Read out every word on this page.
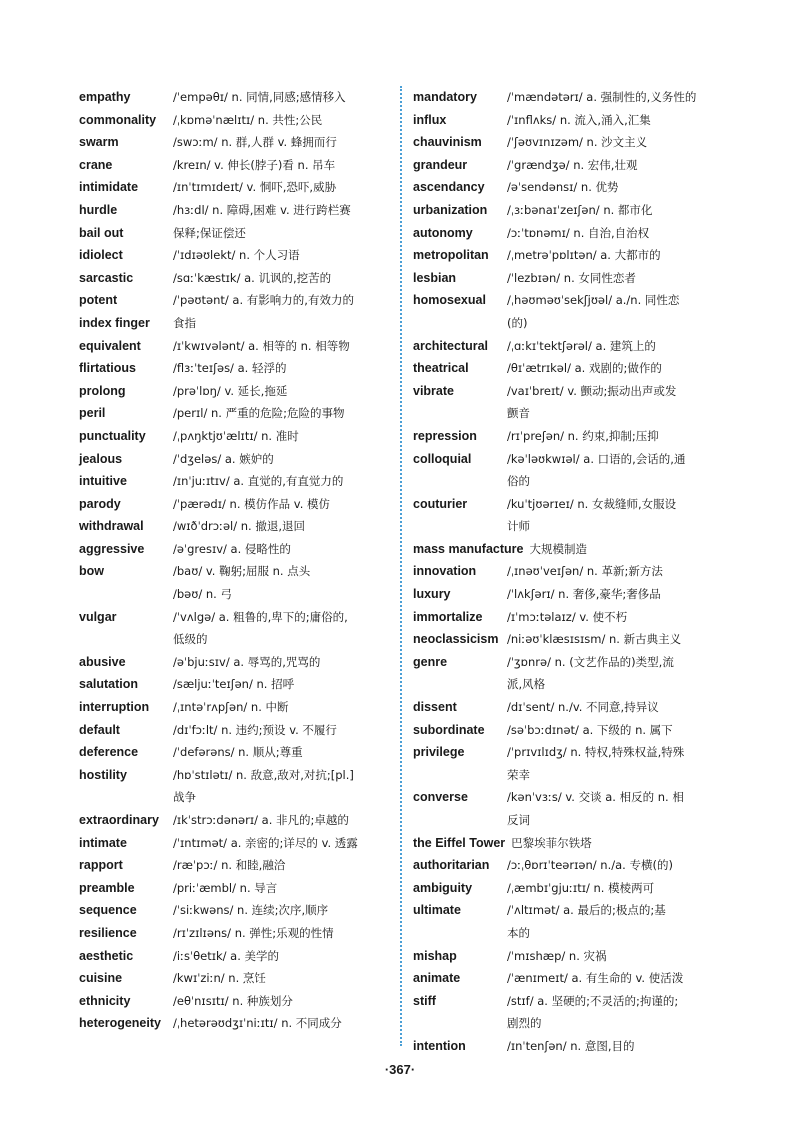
empathy	/ˈempəθɪ/ n. 同情,同感;感情移入
commonality	/ˌkɒməˈnælɪtɪ/ n. 共性;公民
swarm	/swɔːm/ n. 群,人群 v. 蜂拥而行
crane	/kreɪn/ v. 伸长(脖子)看 n. 吊车
intimidate	/ɪnˈtɪmɪdeɪt/ v. 恫吓,恐吓,威胁
hurdle	/hɜːdl/ n. 障碍,困难 v. 进行跨栏赛
bail out	保释;保证偿还
idiolect	/ˈɪdɪəʊlekt/ n. 个人习语
sarcastic	/sɑːˈkæstɪk/ a. 讥讽的,挖苦的
potent	/ˈpəʊtənt/ a. 有影响力的,有效力的
index finger	食指
equivalent	/ɪˈkwɪvələnt/ a. 相等的 n. 相等物
flirtatious	/flɜːˈteɪʃəs/ a. 轻浮的
prolong	/prəˈlɒŋ/ v. 延长,拖延
peril	/perɪl/ n. 严重的危险;危险的事物
punctuality	/ˌpʌŋktjʊˈælɪtɪ/ n. 准时
jealous	/ˈdʒeləs/ a. 嫉妒的
intuitive	/ɪnˈjuːɪtɪv/ a. 直觉的,有直觉力的
parody	/ˈpærədɪ/ n. 模仿作品 v. 模仿
withdrawal	/wɪðˈdrɔːəl/ n. 撤退,退回
aggressive	/əˈgresɪv/ a. 侵略性的
bow	/baʊ/ v. 鞠躬;屈服 n. 点头
/bəʊ/ n. 弓
vulgar	/ˈvʌlgə/ a. 粗鲁的,卑下的;庸俗的,
低级的
abusive	/əˈbjuːsɪv/ a. 辱骂的,咒骂的
salutation	/sæljuːˈteɪʃən/ n. 招呼
interruption	/ˌɪntəˈrʌpʃən/ n. 中断
default	/dɪˈfɔːlt/ n. 违约;预设 v. 不履行
deference	/ˈdefərəns/ n. 顺从;尊重
hostility	/hɒˈstɪlətɪ/ n. 敌意,敌对,对抗;[pl.]
战争
extraordinary	/ɪkˈstrɔːdənərɪ/ a. 非凡的;卓越的
intimate	/ˈɪntɪmət/ a. 亲密的;详尽的 v. 透露
rapport	/ræˈpɔː/ n. 和睦,融洽
preamble	/priːˈæmbl/ n. 导言
sequence	/ˈsiːkwəns/ n. 连续;次序,顺序
resilience	/rɪˈzɪlɪəns/ n. 弹性;乐观的性情
aesthetic	/iːsˈθetɪk/ a. 美学的
cuisine	/kwɪˈziːn/ n. 烹饪
ethnicity	/eθˈnɪsɪtɪ/ n. 种族划分
heterogeneity	/ˌhetərəʊdʒɪˈniːɪtɪ/ n. 不同成分
mandatory	/ˈmændətərɪ/ a. 强制性的,义务性的
influx	/ˈɪnflʌks/ n. 流入,涌入,汇集
chauvinism	/ˈʃəʊvɪnɪzəm/ n. 沙文主义
grandeur	/ˈgrændʒə/ n. 宏伟,壮观
ascendancy	/əˈsendənsɪ/ n. 优势
urbanization	/ˌɜːbənaɪˈzeɪʃən/ n. 都市化
autonomy	/ɔːˈtɒnəmɪ/ n. 自治,自治权
metropolitan	/ˌmetrəˈpɒlɪtən/ a. 大都市的
lesbian	/ˈlezbɪən/ n. 女同性恋者
homosexual	/ˌhəʊməʊˈsekʃjʊəl/ a./n. 同性恋
(的)
architectural	/ˌɑːkɪˈtektʃərəl/ a. 建筑上的
theatrical	/θɪˈætrɪkəl/ a. 戏剧的;做作的
vibrate	/vaɪˈbreɪt/ v. 颤动;振动出声或发
颤音
repression	/rɪˈpreʃən/ n. 约束,抑制;压抑
colloquial	/kəˈləʊkwɪəl/ a. 口语的,会话的,通
俗的
couturier	/kuˈtjʊərɪeɪ/ n. 女裁缝师,女服设
计师
mass manufacture 大规模制造
innovation	/ˌɪnəʊˈveɪʃən/ n. 革新;新方法
luxury	/ˈlʌkʃərɪ/ n. 奢侈,豪华;奢侈品
immortalize	/ɪˈmɔːtəlaɪz/ v. 使不朽
neoclassicism /niːəʊˈklæsɪsɪsm/ n. 新古典主义
genre	/ˈʒɒnrə/ n. (文艺作品的)类型,流
派,风格
dissent	/dɪˈsent/ n./v. 不同意,持异议
subordinate	/səˈbɔːdɪnət/ a. 下级的 n. 属下
privilege	/ˈprɪvɪlɪdʒ/ n. 特权,特殊权益,特殊
荣幸
converse	/kənˈvɜːs/ v. 交谈 a. 相反的 n. 相
反词
the Eiffel Tower 巴黎埃菲尔铁塔
authoritarian	/ɔːˌθɒrɪˈteərɪən/ n./a. 专横(的)
ambiguity	/ˌæmbɪˈgjuːɪtɪ/ n. 模棱两可
ultimate	/ˈʌltɪmət/ a. 最后的;极点的;基
本的
mishap	/ˈmɪshæp/ n. 灾祸
animate	/ˈænɪmeɪt/ a. 有生命的 v. 使活泼
stiff	/stɪf/ a. 坚硬的;不灵活的;拘谨的;
剧烈的
intention	/ɪnˈtenʃən/ n. 意图,目的
·367·
